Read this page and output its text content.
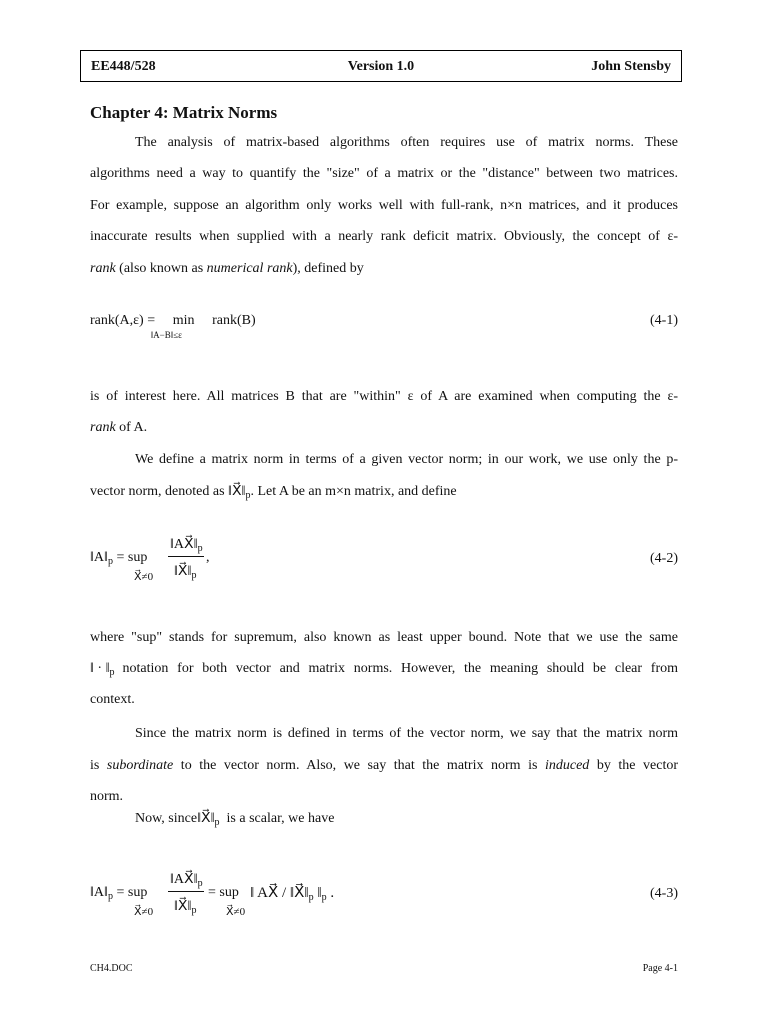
EE448/528	Version 1.0	John Stensby
Chapter 4: Matrix Norms
The analysis of matrix-based algorithms often requires use of matrix norms. These
algorithms need a way to quantify the "size" of a matrix or the "distance" between two matrices.
For example, suppose an algorithm only works well with full-rank, n×n matrices, and it produces
inaccurate results when supplied with a nearly rank deficit matrix. Obviously, the concept of ε-
rank (also known as numerical rank), defined by
rank(A,ε) = min
‖A−B‖≤ε
rank(B)	(4-1)
is of interest here. All matrices B that are "within" ε of A are examined when computing the ε-
rank of A.
We define a matrix norm in terms of a given vector norm; in our work, we use only the p-
vector norm, denoted as $‖X⃗‖_p$. Let A be an m×n matrix, and define
$‖A‖_p$ = sup
X⃗≠0
$‖AX⃗‖_p$
$‖X⃗‖_p$
,	(4-2)
where "sup" stands for supremum, also known as least upper bound. Note that we use the same
‖ · $‖_p$ notation for both vector and matrix norms. However, the meaning should be clear from
context.
Since the matrix norm is defined in terms of the vector norm, we say that the matrix norm
is subordinate to the vector norm. Also, we say that the matrix norm is induced by the vector
norm.
Now, $since‖X⃗‖_p$ is a scalar, we have
$‖A‖_p$ = sup
X⃗≠0
$‖AX⃗‖_p$
$‖X⃗‖_p$
= sup
X⃗≠0
‖ AX⃗ / $‖X⃗‖_p$ $‖_p$ .	(4-3)
CH4.DOC	Page 4-1
